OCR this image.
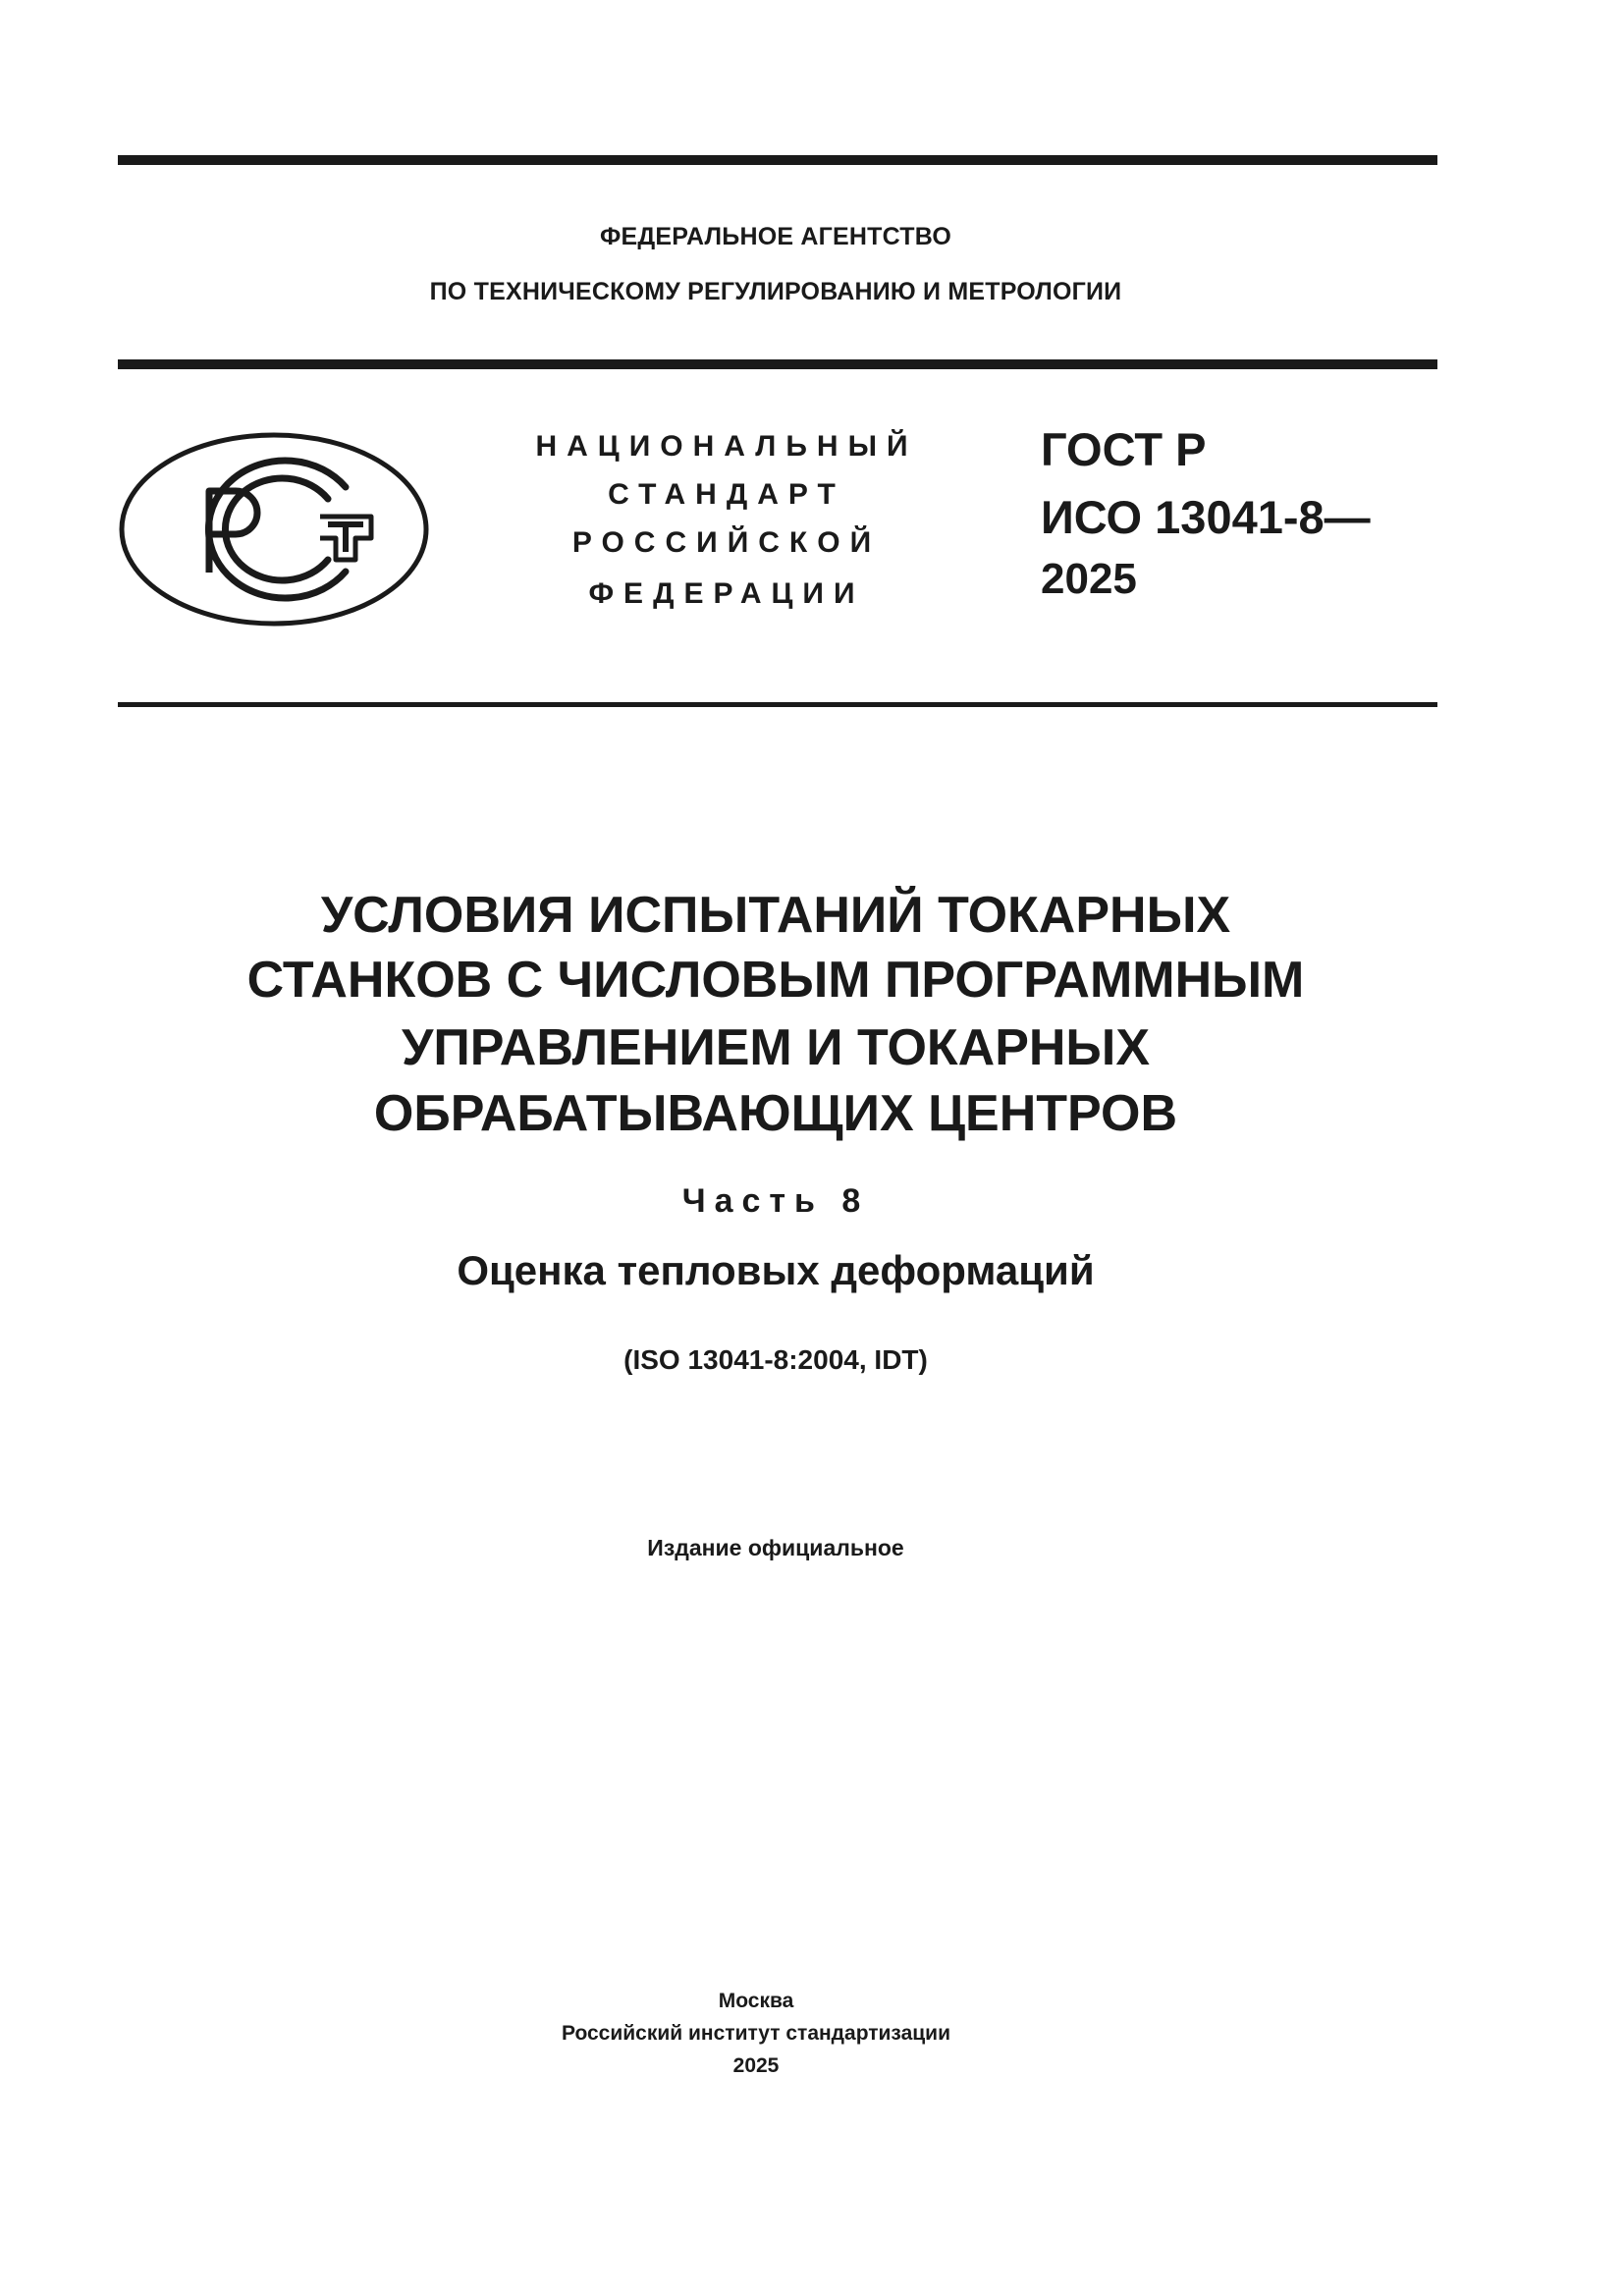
ФЕДЕРАЛЬНОЕ АГЕНТСТВО
ПО ТЕХНИЧЕСКОМУ РЕГУЛИРОВАНИЮ И МЕТРОЛОГИИ
НАЦИОНАЛЬНЫЙ
СТАНДАРТ
РОССИЙСКОЙ
ФЕДЕРАЦИИ
ГОСТ Р
ИСО 13041-8—
2025
УСЛОВИЯ ИСПЫТАНИЙ ТОКАРНЫХ
СТАНКОВ С ЧИСЛОВЫМ ПРОГРАММНЫМ
УПРАВЛЕНИЕМ И ТОКАРНЫХ
ОБРАБАТЫВАЮЩИХ ЦЕНТРОВ
Часть 8
Оценка тепловых деформаций
(ISO 13041-8:2004, IDT)
Издание официальное
Москва
Российский институт стандартизации
2025
